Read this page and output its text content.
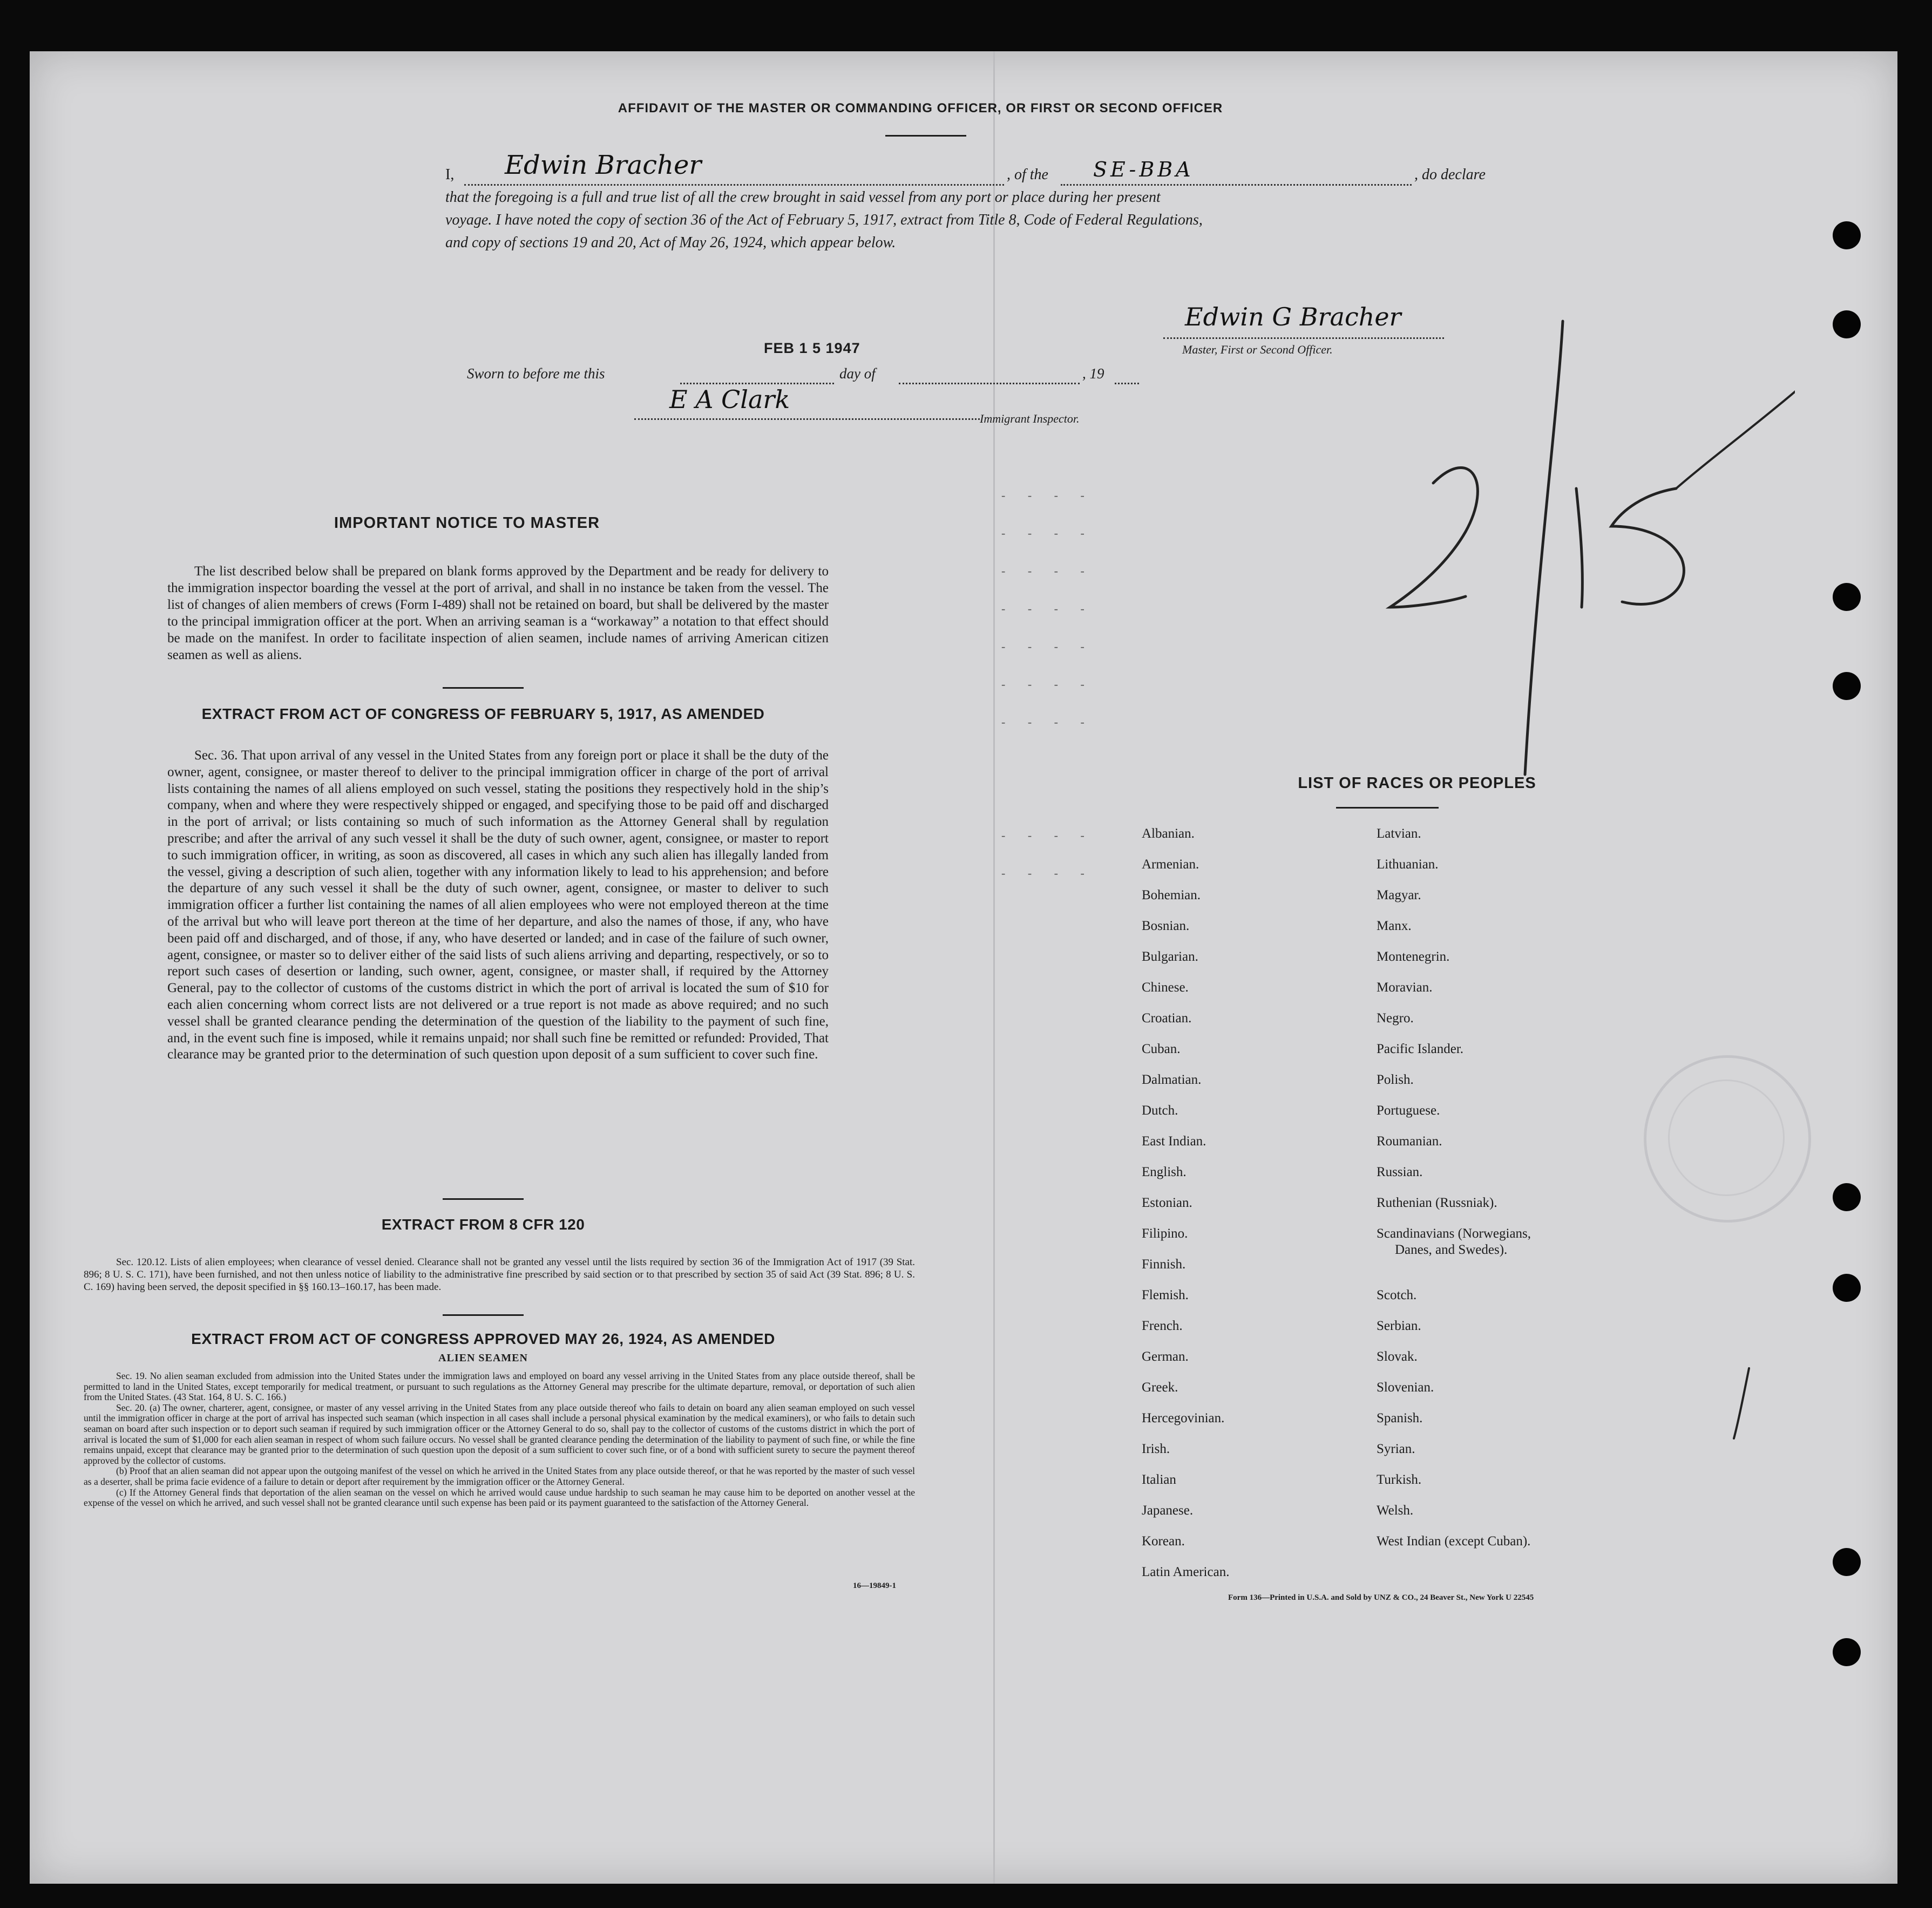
AFFIDAVIT OF THE MASTER OR COMMANDING OFFICER, OR FIRST OR SECOND OFFICER
I, Edwin Bracher	, of the SE-BBA	, do declare
that the foregoing is a full and true list of all the crew brought in said vessel from any port or place during her present
voyage. I have noted the copy of section 36 of the Act of February 5, 1917, extract from Title 8, Code of Federal Regulations,
and copy of sections 19 and 20, Act of May 26, 1924, which appear below.
Edwin G Bracher
Master, First or Second Officer.
FEB 1 5 1947
Sworn to before me this	day of	, 19
E A Clark
Immigrant Inspector.
- - - -
- - - -
- - - -
- - - -
- - - -
- - - -
- - - -
- - - -
- - - -
IMPORTANT NOTICE TO MASTER

The list described below shall be prepared on blank forms approved by the Department and be ready for delivery to the immigration inspector boarding the vessel at the port of arrival, and shall in no instance be taken from the vessel. The list of changes of alien members of crews (Form I-489) shall not be retained on board, but shall be delivered by the master to the principal immigration officer at the port. When an arriving seaman is a “workaway” a notation to that effect should be made on the manifest. In order to facilitate inspection of alien seamen, include names of arriving American citizen seamen as well as aliens.

EXTRACT FROM ACT OF CONGRESS OF FEBRUARY 5, 1917, AS AMENDED

Sec. 36. That upon arrival of any vessel in the United States from any foreign port or place it shall be the duty of the owner, agent, consignee, or master thereof to deliver to the principal immigration officer in charge of the port of arrival lists containing the names of all aliens employed on such vessel, stating the positions they respectively hold in the ship’s company, when and where they were respectively shipped or engaged, and specifying those to be paid off and discharged in the port of arrival; or lists containing so much of such information as the Attorney General shall by regulation prescribe; and after the arrival of any such vessel it shall be the duty of such owner, agent, consignee, or master to report to such immigration officer, in writing, as soon as discovered, all cases in which any such alien has illegally landed from the vessel, giving a description of such alien, together with any information likely to lead to his apprehension; and before the departure of any such vessel it shall be the duty of such owner, agent, consignee, or master to deliver to such immigration officer a further list containing the names of all alien employees who were not employed thereon at the time of the arrival but who will leave port thereon at the time of her departure, and also the names of those, if any, who have been paid off and discharged, and of those, if any, who have deserted or landed; and in case of the failure of such owner, agent, consignee, or master so to deliver either of the said lists of such aliens arriving and departing, respectively, or so to report such cases of desertion or landing, such owner, agent, consignee, or master shall, if required by the Attorney General, pay to the collector of customs of the customs district in which the port of arrival is located the sum of $10 for each alien concerning whom correct lists are not delivered or a true report is not made as above required; and no such vessel shall be granted clearance pending the determination of the question of the liability to the payment of such fine, and, in the event such fine is imposed, while it remains unpaid; nor shall such fine be remitted or refunded: Provided, That clearance may be granted prior to the determination of such question upon deposit of a sum sufficient to cover such fine.

EXTRACT FROM 8 CFR 120

Sec. 120.12. Lists of alien employees; when clearance of vessel denied. Clearance shall not be granted any vessel until the lists required by section 36 of the Immigration Act of 1917 (39 Stat. 896; 8 U. S. C. 171), have been furnished, and not then unless notice of liability to the administrative fine prescribed by said section or to that prescribed by section 35 of said Act (39 Stat. 896; 8 U. S. C. 169) having been served, the deposit specified in §§ 160.13–160.17, has been made.

EXTRACT FROM ACT OF CONGRESS APPROVED MAY 26, 1924, AS AMENDED
ALIEN SEAMEN

Sec. 19. No alien seaman excluded from admission into the United States under the immigration laws and employed on board any vessel arriving in the United States from any place outside thereof, shall be permitted to land in the United States, except temporarily for medical treatment, or pursuant to such regulations as the Attorney General may prescribe for the ultimate departure, removal, or deportation of such alien from the United States. (43 Stat. 164, 8 U. S. C. 166.)

Sec. 20. (a) The owner, charterer, agent, consignee, or master of any vessel arriving in the United States from any place outside thereof who fails to detain on board any alien seaman employed on such vessel until the immigration officer in charge at the port of arrival has inspected such seaman (which inspection in all cases shall include a personal physical examination by the medical examiners), or who fails to detain such seaman on board after such inspection or to deport such seaman if required by such immigration officer or the Attorney General to do so, shall pay to the collector of customs of the customs district in which the port of arrival is located the sum of $1,000 for each alien seaman in respect of whom such failure occurs. No vessel shall be granted clearance pending the determination of the liability to payment of such fine, or while the fine remains unpaid, except that clearance may be granted prior to the determination of such question upon the deposit of a sum sufficient to cover such fine, or of a bond with sufficient surety to secure the payment thereof approved by the collector of customs.

(b) Proof that an alien seaman did not appear upon the outgoing manifest of the vessel on which he arrived in the United States from any place outside thereof, or that he was reported by the master of such vessel as a deserter, shall be prima facie evidence of a failure to detain or deport after requirement by the immigration officer or the Attorney General.

(c) If the Attorney General finds that deportation of the alien seaman on the vessel on which he arrived would cause undue hardship to such seaman he may cause him to be deported on another vessel at the expense of the vessel on which he arrived, and such vessel shall not be granted clearance until such expense has been paid or its payment guaranteed to the satisfaction of the Attorney General.

16—19849-1
LIST OF RACES OR PEOPLES
Albanian.
Armenian.
Bohemian.
Bosnian.
Bulgarian.
Chinese.
Croatian.
Cuban.
Dalmatian.
Dutch.
East Indian.
English.
Estonian.
Filipino.
Finnish.
Flemish.
French.
German.
Greek.
Hercegovinian.
Irish.
Italian
Japanese.
Korean.
Latin American.
Latvian.
Lithuanian.
Magyar.
Manx.
Montenegrin.
Moravian.
Negro.
Pacific Islander.
Polish.
Portuguese.
Roumanian.
Russian.
Ruthenian (Russniak).
Scandinavians (Norwegians,
Danes, and Swedes).
Scotch.
Serbian.
Slovak.
Slovenian.
Spanish.
Syrian.
Turkish.
Welsh.
West Indian (except Cuban).
Form 136—Printed in U.S.A. and Sold by UNZ & CO., 24 Beaver St., New York U 22545
